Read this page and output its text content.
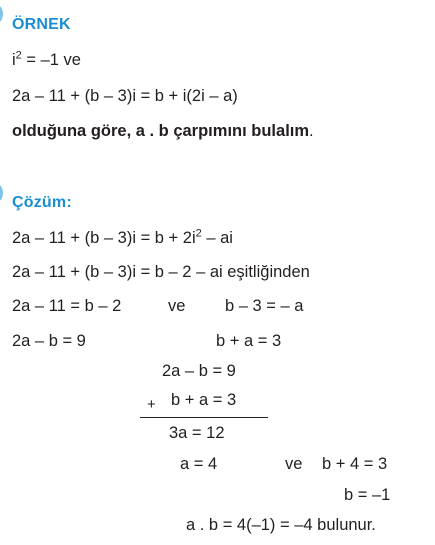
ÖRNEK
$i^2 = -1$ ve
2a – 11 + (b – 3)i = b + i(2i – a)
olduğuna göre, a . b çarpımını bulalım.
Çözüm:
$2a - 11 + (b - 3)i = b + 2i^2$ – ai
2a – 11 + (b – 3)i = b – 2 – ai eşitliğinden
2a – 11 = b – 2	ve b – 3 = – a
2a – b = 9	b + a = 3
2a – b = 9
+ b + a = 3
3a = 12
a = 4	ve b + 4 = 3
b = –1
a . b = 4(–1) = –4 bulunur.
